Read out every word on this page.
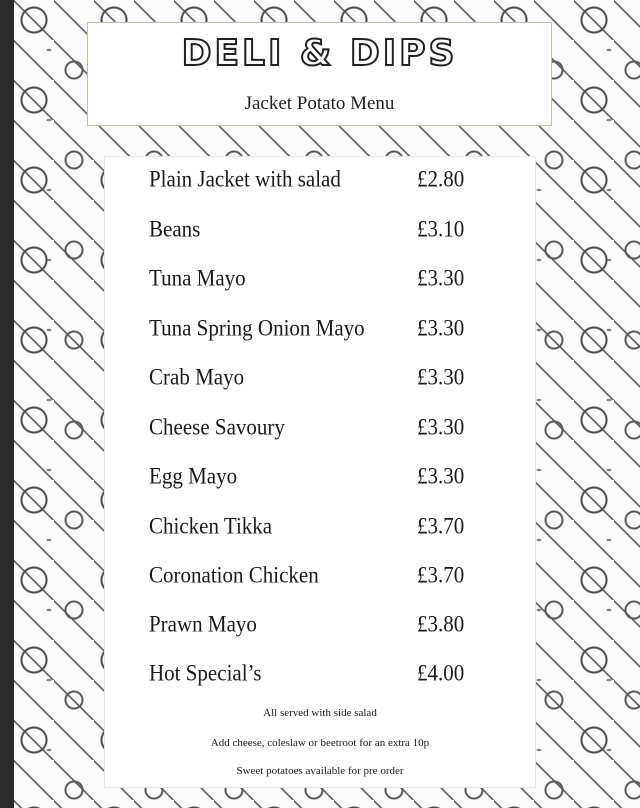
DELI & DIPS
Jacket Potato Menu
Plain Jacket with salad	£2.80
Beans	£3.10
Tuna Mayo	£3.30
Tuna Spring Onion Mayo £3.30
Crab Mayo	£3.30
Cheese Savoury	£3.30
Egg Mayo	£3.30
Chicken Tikka	£3.70
Coronation Chicken	£3.70
Prawn Mayo	£3.80
Hot Special’s	£4.00
All served with side salad
Add cheese, coleslaw or beetroot for an extra 10p
Sweet potatoes available for pre order
